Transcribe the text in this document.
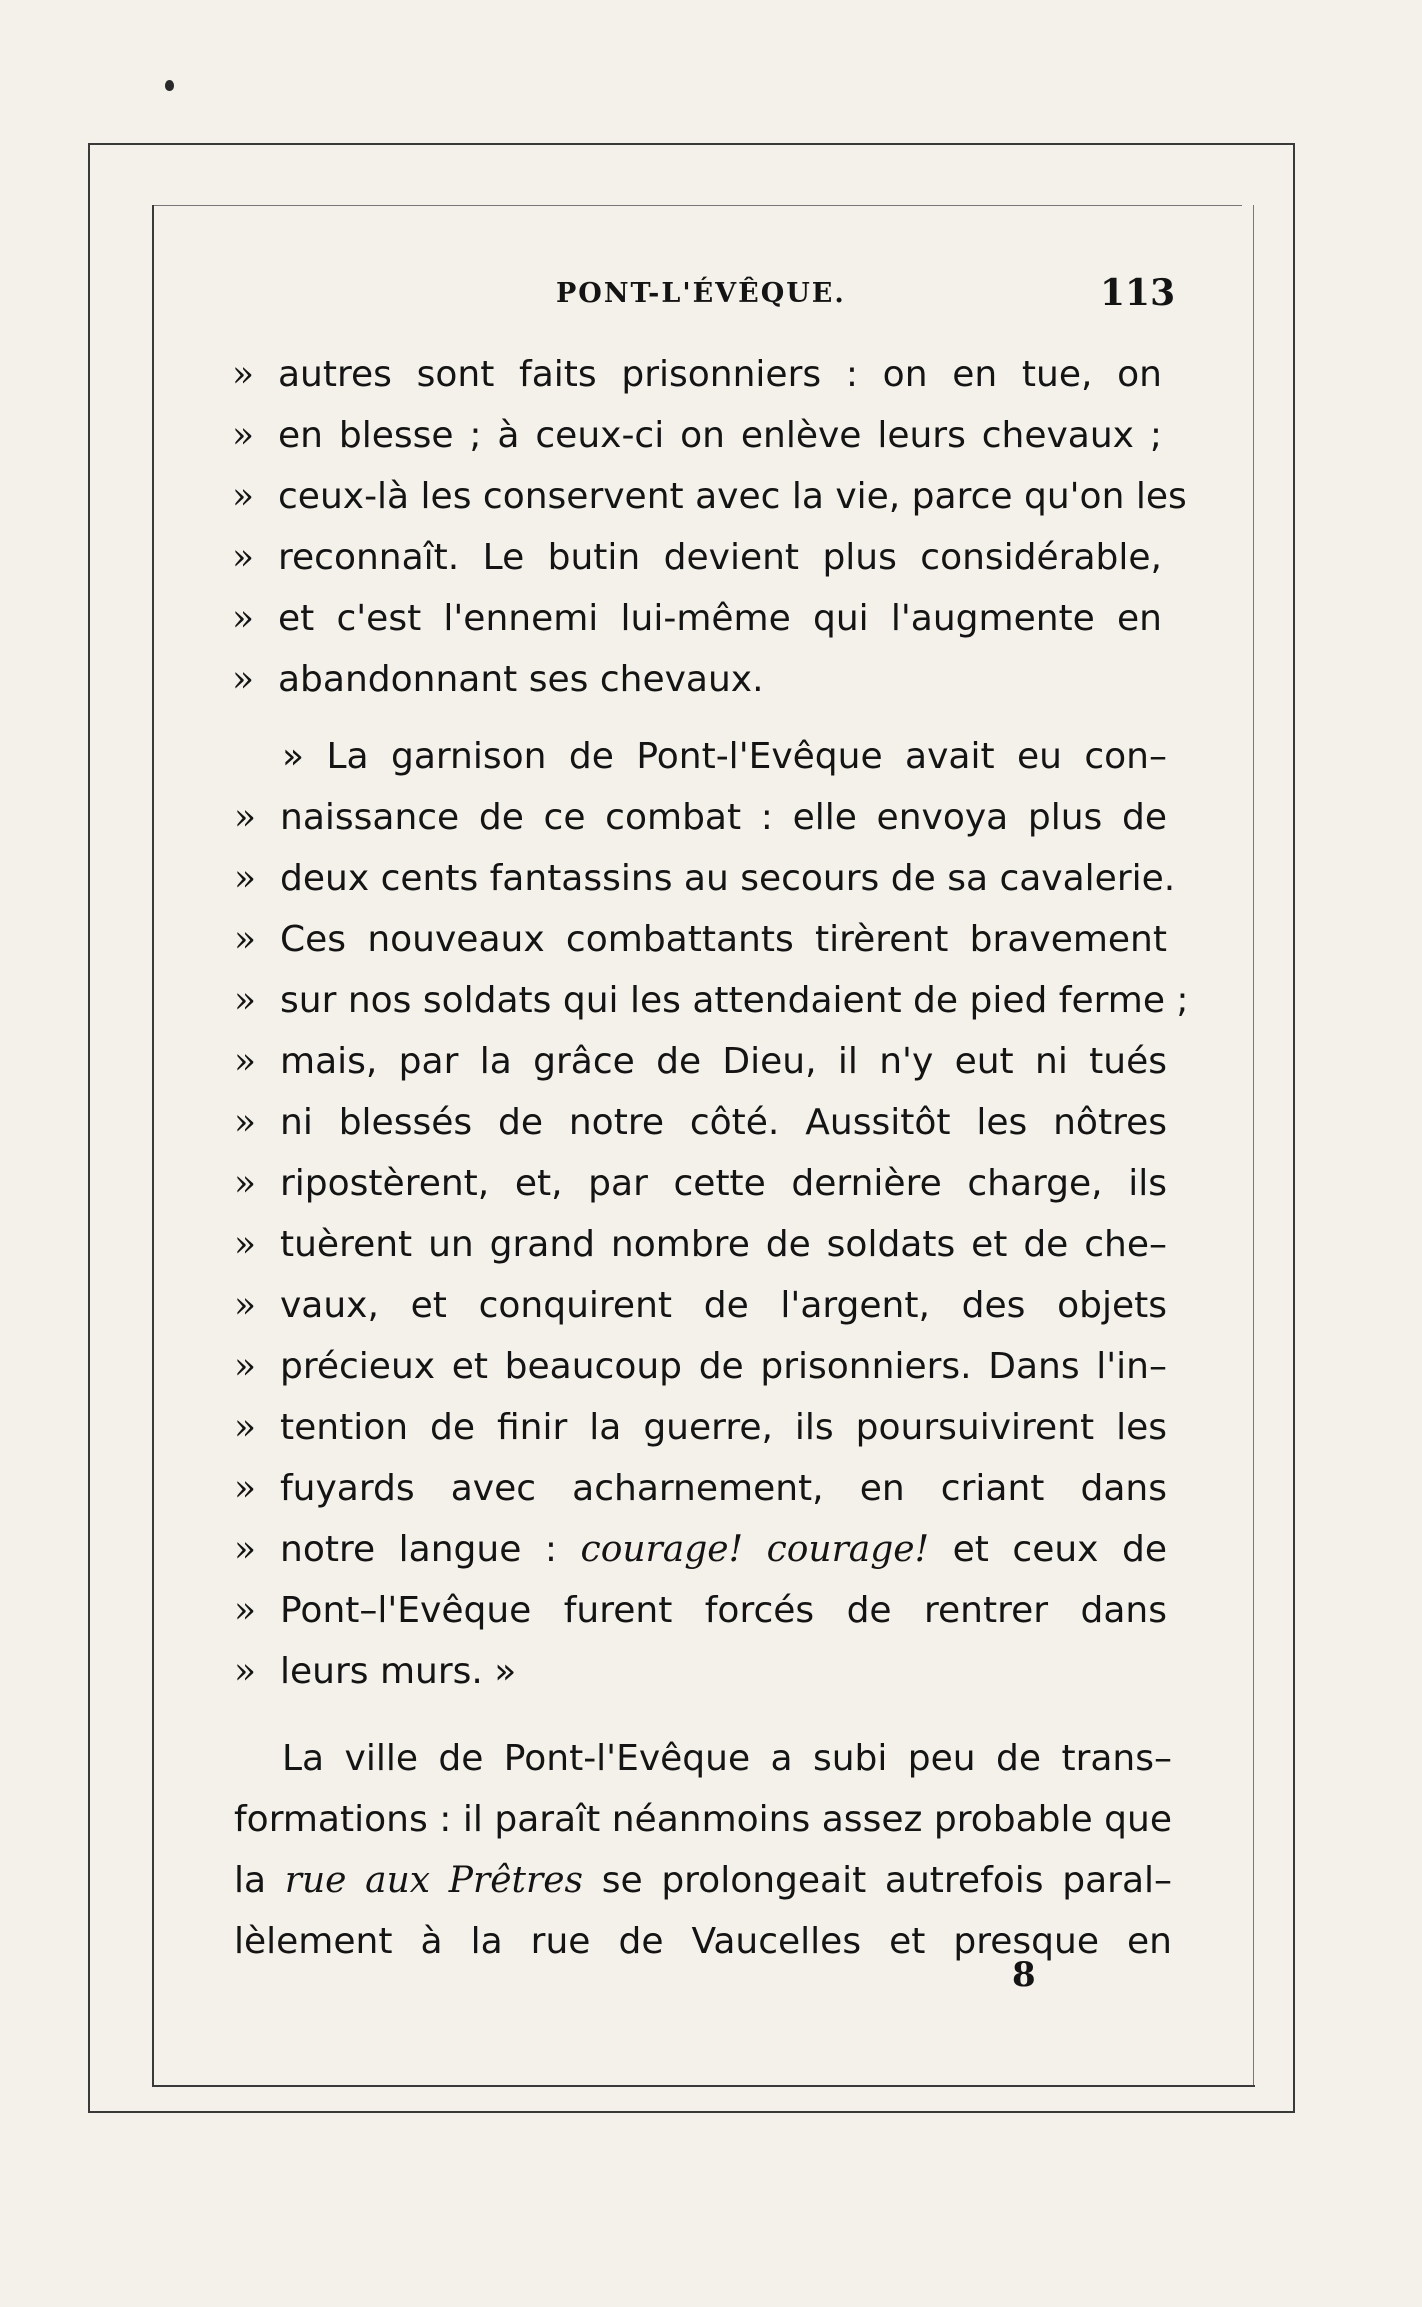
PONT-L'ÉVÊQUE.	113
» autres sont faits prisonniers : on en tue, on
» en blesse ; à ceux-ci on enlève leurs chevaux ;
» ceux-là les conservent avec la vie, parce qu'on les
» reconnaît. Le butin devient plus considérable,
» et c'est l'ennemi lui-même qui l'augmente en
» abandonnant ses chevaux.
» La garnison de Pont-l'Evêque avait eu con–
» naissance de ce combat : elle envoya plus de
» deux cents fantassins au secours de sa cavalerie.
» Ces nouveaux combattants tirèrent bravement
» sur nos soldats qui les attendaient de pied ferme ;
» mais, par la grâce de Dieu, il n'y eut ni tués
» ni blessés de notre côté. Aussitôt les nôtres
» ripostèrent, et, par cette dernière charge, ils
» tuèrent un grand nombre de soldats et de che–
» vaux, et conquirent de l'argent, des objets
» précieux et beaucoup de prisonniers. Dans l'in–
» tention de finir la guerre, ils poursuivirent les
» fuyards avec acharnement, en criant dans
» notre langue : courage! courage! et ceux de
» Pont–l'Evêque furent forcés de rentrer dans
» leurs murs. »
La ville de Pont-l'Evêque a subi peu de trans–
formations : il paraît néanmoins assez probable que
la rue aux Prêtres se prolongeait autrefois paral–
lèlement à la rue de Vaucelles et presque en
8
